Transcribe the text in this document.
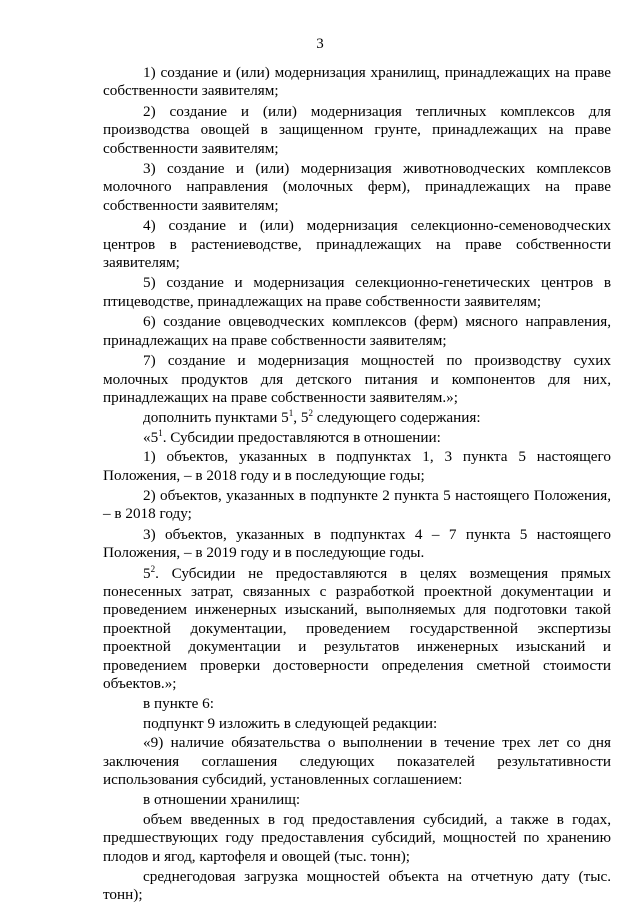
3

1) создание и (или) модернизация хранилищ, принадлежащих на праве собственности заявителям;

2) создание и (или) модернизация тепличных комплексов для производства овощей в защищенном грунте, принадлежащих на праве собственности заявителям;

3) создание и (или) модернизация животноводческих комплексов молочного направления (молочных ферм), принадлежащих на праве собственности заявителям;

4) создание и (или) модернизация селекционно-семеноводческих центров в растениеводстве, принадлежащих на праве собственности заявителям;

5) создание и модернизация селекционно-генетических центров в птицеводстве, принадлежащих на праве собственности заявителям;

6) создание овцеводческих комплексов (ферм) мясного направления, принадлежащих на праве собственности заявителям;

7) создание и модернизация мощностей по производству сухих молочных продуктов для детского питания и компонентов для них, принадлежащих на праве собственности заявителям.»;

дополнить пунктами $5^1$, $5^2$ следующего содержания:

«$5^1$. Субсидии предоставляются в отношении:

1) объектов, указанных в подпунктах 1, 3 пункта 5 настоящего Положения, – в 2018 году и в последующие годы;

2) объектов, указанных в подпункте 2 пункта 5 настоящего Положения, – в 2018 году;

3) объектов, указанных в подпунктах 4 – 7 пункта 5 настоящего Положения, – в 2019 году и в последующие годы.

$5^2$. Субсидии не предоставляются в целях возмещения прямых понесенных затрат, связанных с разработкой проектной документации и проведением инженерных изысканий, выполняемых для подготовки такой проектной документации, проведением государственной экспертизы проектной документации и результатов инженерных изысканий и проведением проверки достоверности определения сметной стоимости объектов.»;

в пункте 6:

подпункт 9 изложить в следующей редакции:

«9) наличие обязательства о выполнении в течение трех лет со дня заключения соглашения следующих показателей результативности использования субсидий, установленных соглашением:

в отношении хранилищ:

объем введенных в год предоставления субсидий, а также в годах, предшествующих году предоставления субсидий, мощностей по хранению плодов и ягод, картофеля и овощей (тыс. тонн);

среднегодовая загрузка мощностей объекта на отчетную дату (тыс. тонн);
